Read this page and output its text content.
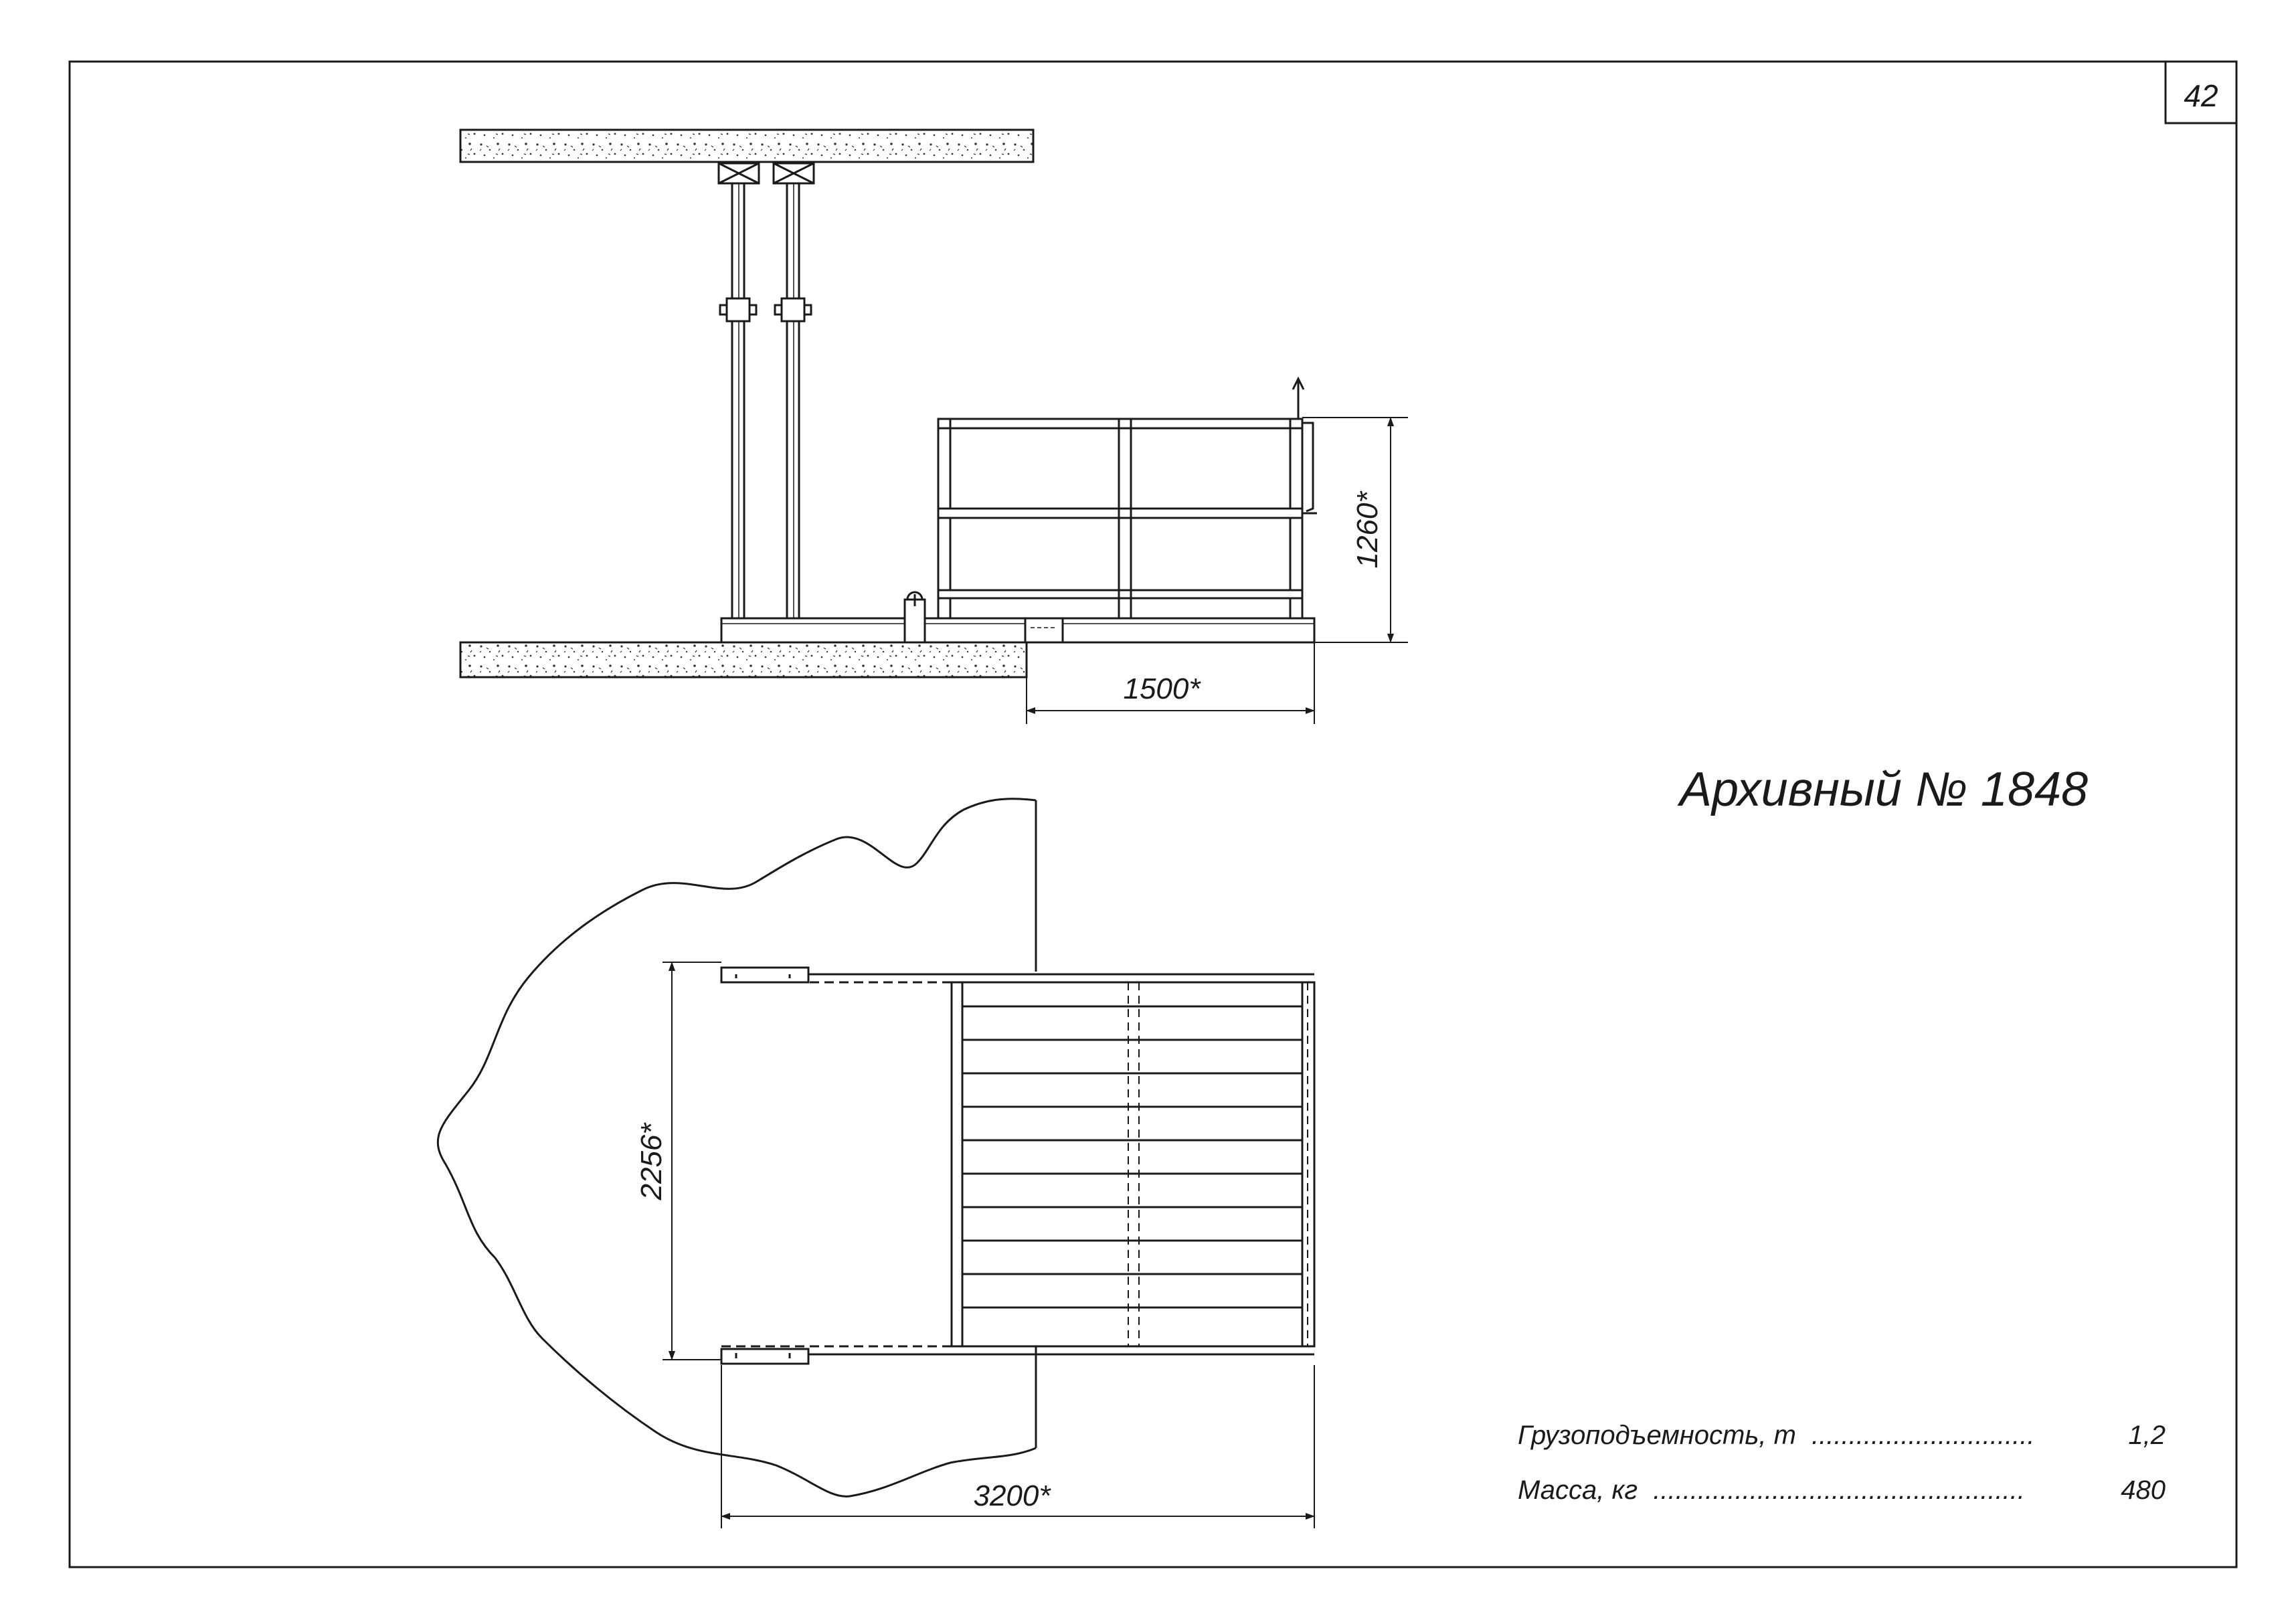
42
1260*
1500*
Архивный № 1848
2256*
3200*
Грузоподъемность, т ..............................	1,2
Масса, кг ..................................................	480
